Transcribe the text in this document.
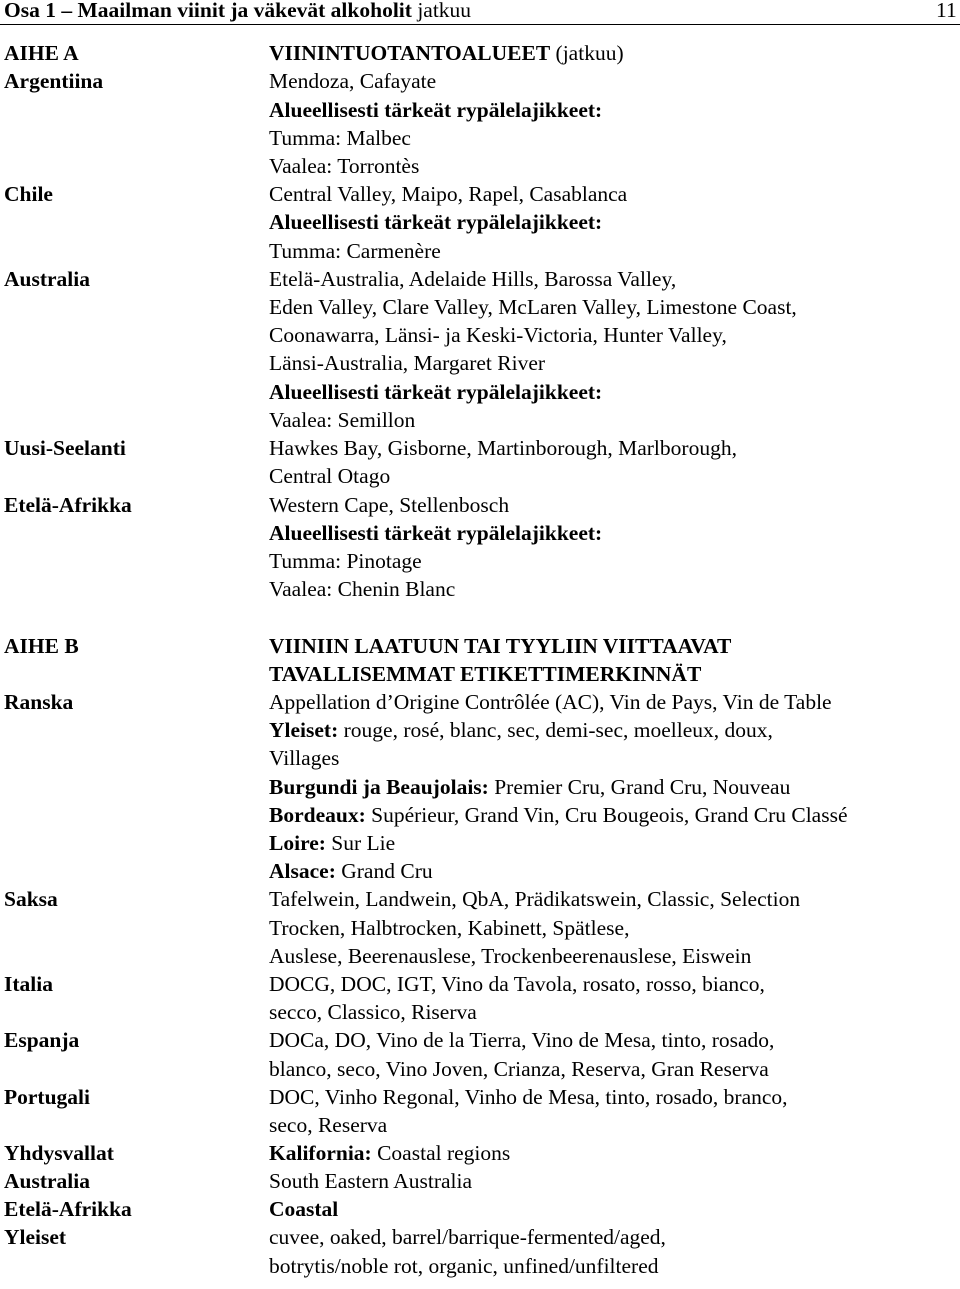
Osa 1 – Maailman viinit ja väkevät alkoholit jatkuu	11
AIHE A	VIININTUOTANTOALUEET (jatkuu)
Argentiina	Mendoza, Cafayate
Alueellisesti tärkeät rypälelajikkeet:
Tumma: Malbec
Vaalea: Torrontès
Chile	Central Valley, Maipo, Rapel, Casablanca
Alueellisesti tärkeät rypälelajikkeet:
Tumma: Carmenère
Australia	Etelä-Australia, Adelaide Hills, Barossa Valley,
Eden Valley, Clare Valley, McLaren Valley, Limestone Coast,
Coonawarra, Länsi- ja Keski-Victoria, Hunter Valley,
Länsi-Australia, Margaret River
Alueellisesti tärkeät rypälelajikkeet:
Vaalea: Semillon
Uusi-Seelanti	Hawkes Bay, Gisborne, Martinborough, Marlborough,
Central Otago
Etelä-Afrikka	Western Cape, Stellenbosch
Alueellisesti tärkeät rypälelajikkeet:
Tumma: Pinotage
Vaalea: Chenin Blanc
AIHE B	VIINIIN LAATUUN TAI TYYLIIN VIITTAAVAT
TAVALLISEMMAT ETIKETTIMERKINNÄT
Ranska	Appellation d’Origine Contrôlée (AC), Vin de Pays, Vin de Table
Yleiset: rouge, rosé, blanc, sec, demi-sec, moelleux, doux,
Villages
Burgundi ja Beaujolais: Premier Cru, Grand Cru, Nouveau
Bordeaux: Supérieur, Grand Vin, Cru Bougeois, Grand Cru Classé
Loire: Sur Lie
Alsace: Grand Cru
Saksa	Tafelwein, Landwein, QbA, Prädikatswein, Classic, Selection
Trocken, Halbtrocken, Kabinett, Spätlese,
Auslese, Beerenauslese, Trockenbeerenauslese, Eiswein
Italia	DOCG, DOC, IGT, Vino da Tavola, rosato, rosso, bianco,
secco, Classico, Riserva
Espanja	DOCa, DO, Vino de la Tierra, Vino de Mesa, tinto, rosado,
blanco, seco, Vino Joven, Crianza, Reserva, Gran Reserva
Portugali	DOC, Vinho Regonal, Vinho de Mesa, tinto, rosado, branco,
seco, Reserva
Yhdysvallat	Kalifornia: Coastal regions
Australia	South Eastern Australia
Etelä-Afrikka	Coastal
Yleiset	cuvee, oaked, barrel/barrique-fermented/aged,
botrytis/noble rot, organic, unfined/unfiltered
